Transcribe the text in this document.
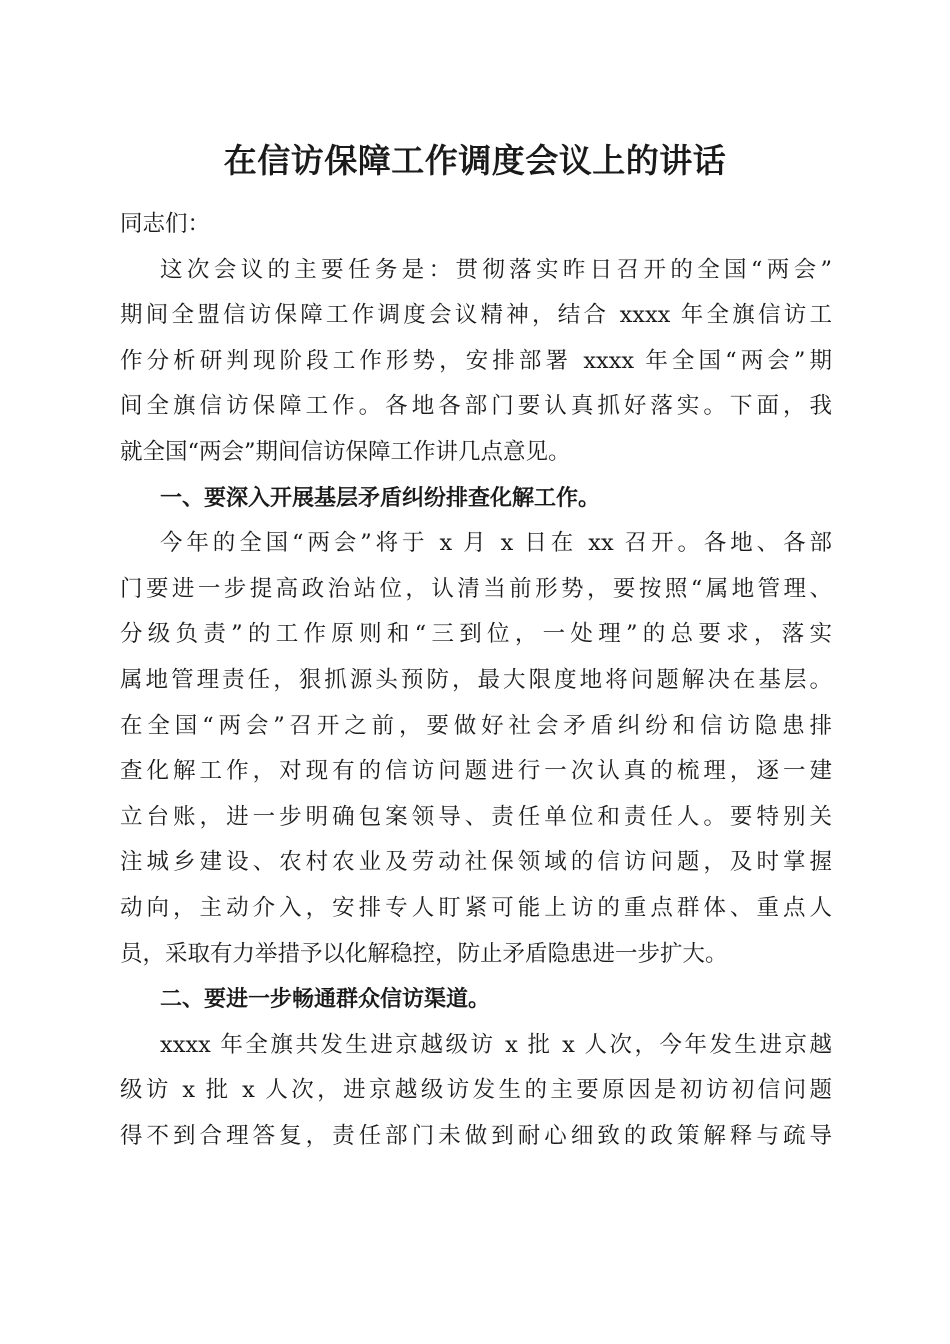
在信访保障工作调度会议上的讲话
同志们：
这次会议的主要任务是：贯彻落实昨日召开的全国“两会”
期间全盟信访保障工作调度会议精神，结合 xxxx 年全旗信访工
作分析研判现阶段工作形势，安排部署 xxxx 年全国“两会”期
间全旗信访保障工作。各地各部门要认真抓好落实。下面，我
就全国“两会”期间信访保障工作讲几点意见。
一、要深入开展基层矛盾纠纷排查化解工作。
今年的全国“两会”将于 x 月 x 日在 xx 召开。各地、各部
门要进一步提高政治站位，认清当前形势，要按照“属地管理、
分级负责”的工作原则和“三到位，一处理”的总要求，落实
属地管理责任，狠抓源头预防，最大限度地将问题解决在基层。
在全国“两会”召开之前，要做好社会矛盾纠纷和信访隐患排
查化解工作，对现有的信访问题进行一次认真的梳理，逐一建
立台账，进一步明确包案领导、责任单位和责任人。要特别关
注城乡建设、农村农业及劳动社保领域的信访问题，及时掌握
动向，主动介入，安排专人盯紧可能上访的重点群体、重点人
员，采取有力举措予以化解稳控，防止矛盾隐患进一步扩大。
二、要进一步畅通群众信访渠道。
xxxx 年全旗共发生进京越级访 x 批 x 人次，今年发生进京越
级访 x 批 x 人次，进京越级访发生的主要原因是初访初信问题
得不到合理答复，责任部门未做到耐心细致的政策解释与疏导
